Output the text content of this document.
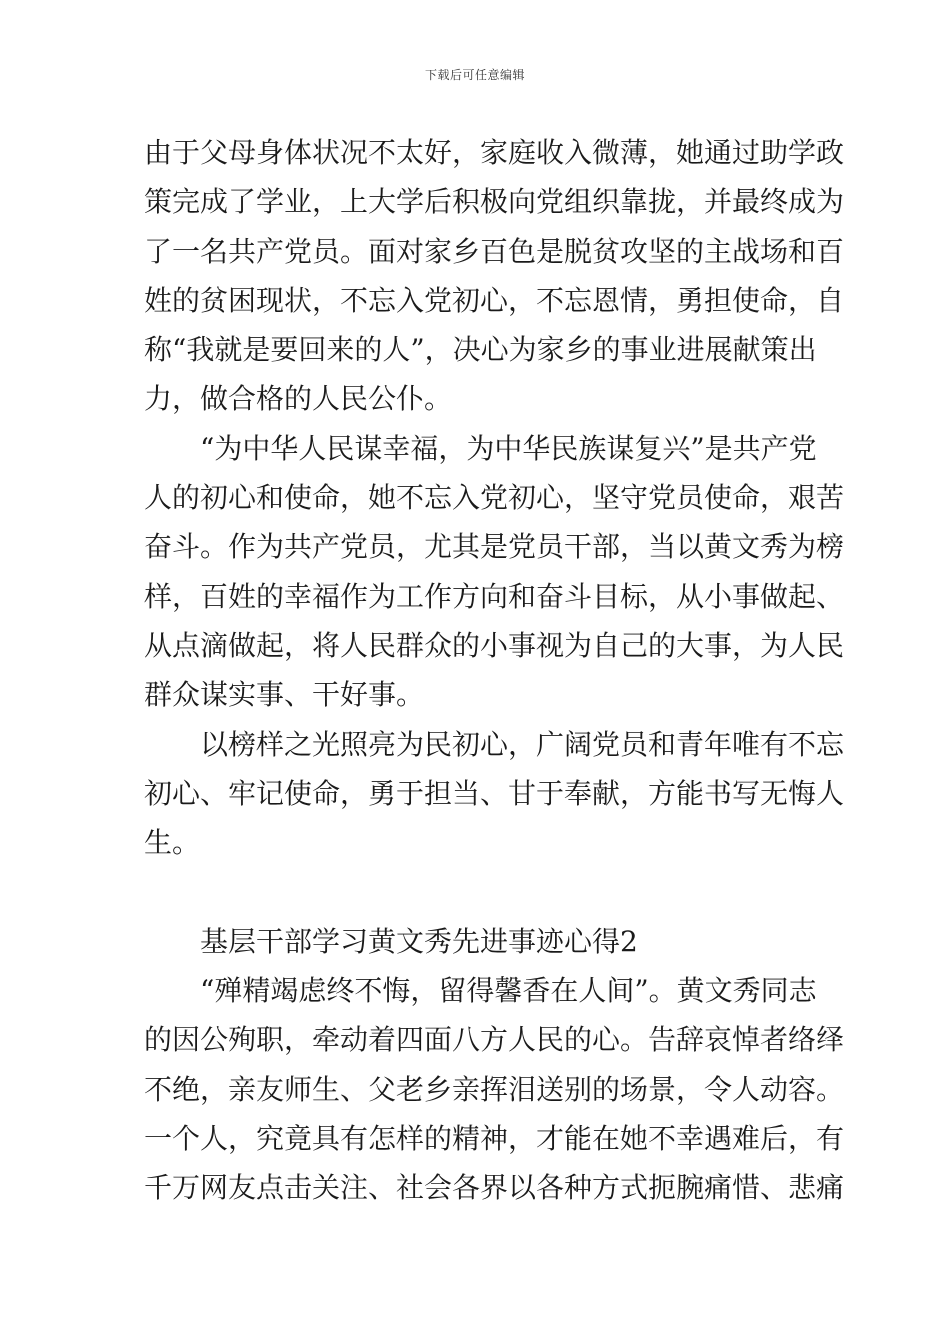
下载后可任意编辑
由于父母身体状况不太好，家庭收入微薄，她通过助学政
策完成了学业，上大学后积极向党组织靠拢，并最终成为
了一名共产党员。面对家乡百色是脱贫攻坚的主战场和百
姓的贫困现状，不忘入党初心，不忘恩情，勇担使命，自
称“我就是要回来的人”，决心为家乡的事业进展献策出
力，做合格的人民公仆。
“为中华人民谋幸福，为中华民族谋复兴”是共产党
人的初心和使命，她不忘入党初心，坚守党员使命，艰苦
奋斗。作为共产党员，尤其是党员干部，当以黄文秀为榜
样，百姓的幸福作为工作方向和奋斗目标，从小事做起、
从点滴做起，将人民群众的小事视为自己的大事，为人民
群众谋实事、干好事。
以榜样之光照亮为民初心，广阔党员和青年唯有不忘
初心、牢记使命，勇于担当、甘于奉献，方能书写无悔人
生。
基层干部学习黄文秀先进事迹心得2
“殚精竭虑终不悔，留得馨香在人间”。黄文秀同志
的因公殉职，牵动着四面八方人民的心。告辞哀悼者络绎
不绝，亲友师生、父老乡亲挥泪送别的场景，令人动容。
一个人，究竟具有怎样的精神，才能在她不幸遇难后，有
千万网友点击关注、社会各界以各种方式扼腕痛惜、悲痛
